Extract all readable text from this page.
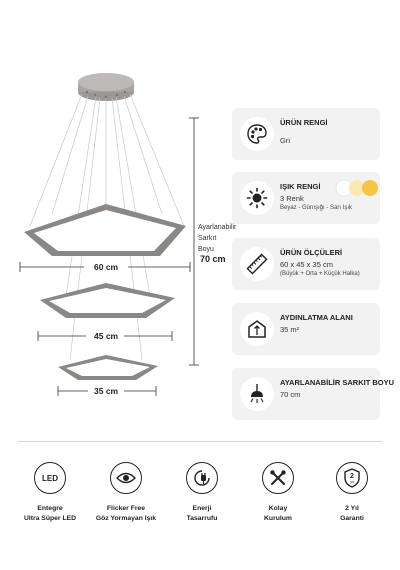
60 cm
45 cm
35 cm
Ayarlanabilir Sarkıt Boyu
70 cm
ÜRÜN RENGİ
Gri
IŞIK RENGİ
3 Renk
Beyaz - Günışığı - Sarı Işık
ÜRÜN ÖLÇÜLERİ
60 x 45 x 35 cm
(Büyük + Orta + Küçük Halka)
AYDINLATMA ALANI
35 m²
AYARLANABİLİR SARKIT BOYU
70 cm
LED
Entegre
Ultra Süper LED
Flicker Free
Göz Yormayan Işık
Enerji
Tasarrufu
Kolay
Kurulum
2
yıl
2 Yıl
Garanti
